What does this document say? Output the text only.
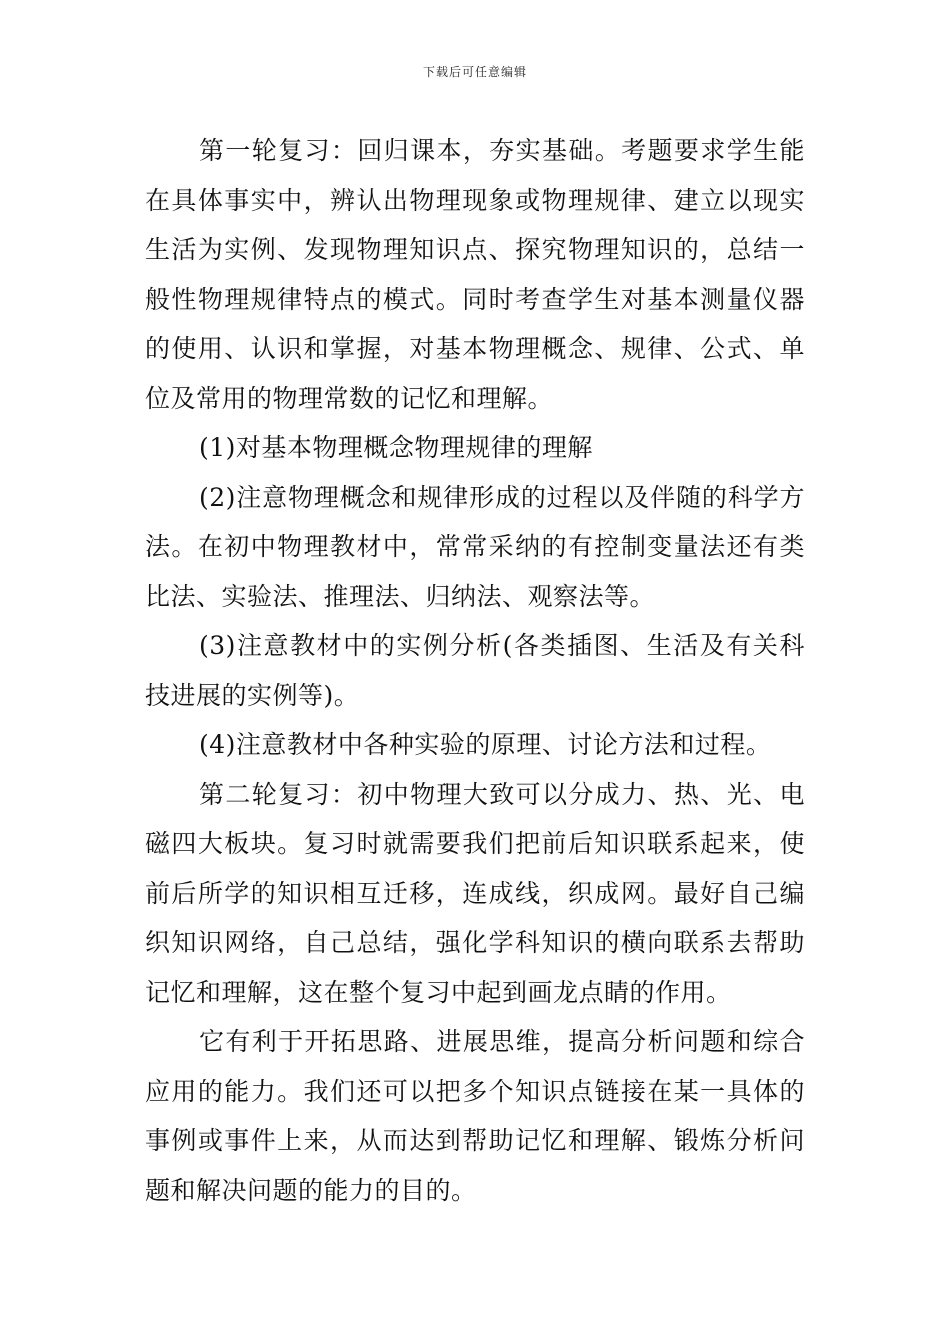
下载后可任意编辑

第一轮复习：回归课本，夯实基础。考题要求学生能在具体事实中，辨认出物理现象或物理规律、建立以现实生活为实例、发现物理知识点、探究物理知识的，总结一般性物理规律特点的模式。同时考查学生对基本测量仪器的使用、认识和掌握，对基本物理概念、规律、公式、单位及常用的物理常数的记忆和理解。

(1)对基本物理概念物理规律的理解

(2)注意物理概念和规律形成的过程以及伴随的科学方法。在初中物理教材中，常常采纳的有控制变量法还有类比法、实验法、推理法、归纳法、观察法等。

(3)注意教材中的实例分析(各类插图、生活及有关科技进展的实例等)。

(4)注意教材中各种实验的原理、讨论方法和过程。

第二轮复习：初中物理大致可以分成力、热、光、电磁四大板块。复习时就需要我们把前后知识联系起来，使前后所学的知识相互迁移，连成线，织成网。最好自己编织知识网络，自己总结，强化学科知识的横向联系去帮助记忆和理解，这在整个复习中起到画龙点睛的作用。

它有利于开拓思路、进展思维，提高分析问题和综合应用的能力。我们还可以把多个知识点链接在某一具体的事例或事件上来，从而达到帮助记忆和理解、锻炼分析问题和解决问题的能力的目的。
